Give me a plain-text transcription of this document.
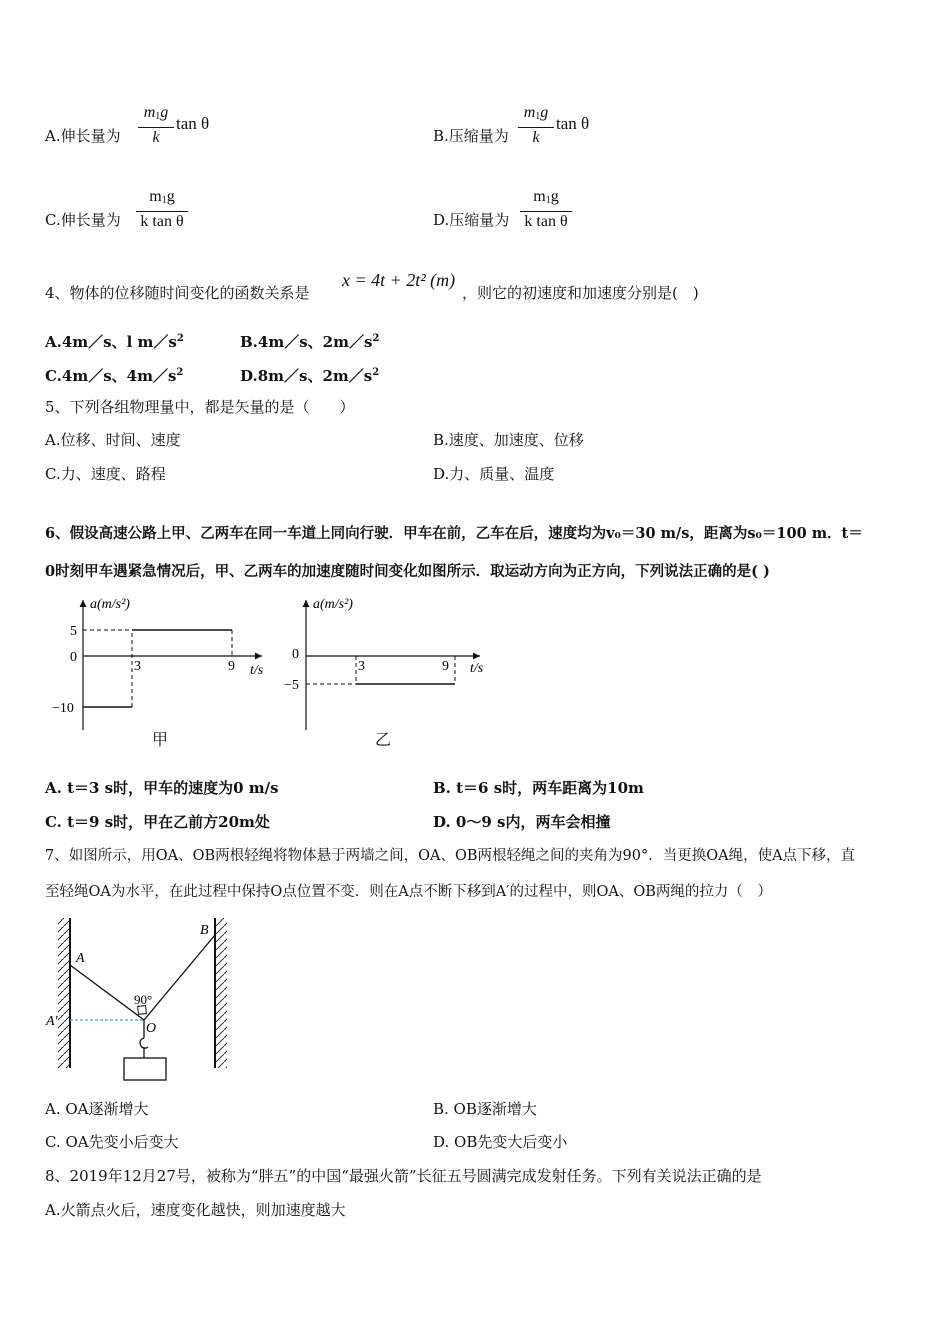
A.伸长量为
$m_1g$
k
tan θ
B.压缩量为
$m_1g$
k
tan θ
C.伸长量为
$m_1g$
k tan θ	D.压缩量为
$m_1g$
k tan θ
4、物体的位移随时间变化的函数关系是
x = 4t + 2t² (m)
，则它的初速度和加速度分别是(　)
A.4m／s、l $m/s^2$	B.4m／s、$2m/s^2$
C.4m／s、$4m/s^2$	D.8m／s、$2m/s^2$
5、下列各组物理量中，都是矢量的是（　　）
A.位移、时间、速度	B.速度、加速度、位移
C.力、速度、路程	D.力、质量、温度
6、假设高速公路上甲、乙两车在同一车道上同向行驶．甲车在前，乙车在后，速度均为v₀＝30 m/s，距离为s₀＝100 m．t＝
0时刻甲车遇紧急情况后，甲、乙两车的加速度随时间变化如图所示．取运动方向为正方向，下列说法正确的是( )
a(m/s²)
t/s
5
0
−10
3	9
甲
a(m/s²)
t/s
0
−5
3	9
乙
A. t＝3 s时，甲车的速度为0 m/s	B. t＝6 s时，两车距离为10m
C. t＝9 s时，甲在乙前方20m处	D. 0～9 s内，两车会相撞
7、如图所示，用OA、OB两根轻绳将物体悬于两墙之间，OA、OB两根轻绳之间的夹角为90°．当更换OA绳，使A点下移，直
至轻绳OA为水平，在此过程中保持O点位置不变．则在A点不断下移到A′的过程中，则OA、OB两绳的拉力（　）
A
B
A′	O
90°
A. OA逐渐增大	B. OB逐渐增大
C. OA先变小后变大	D. OB先变大后变小
8、2019年12月27号，被称为“胖五”的中国“最强火箭”长征五号圆满完成发射任务。下列有关说法正确的是
A.火箭点火后，速度变化越快，则加速度越大
